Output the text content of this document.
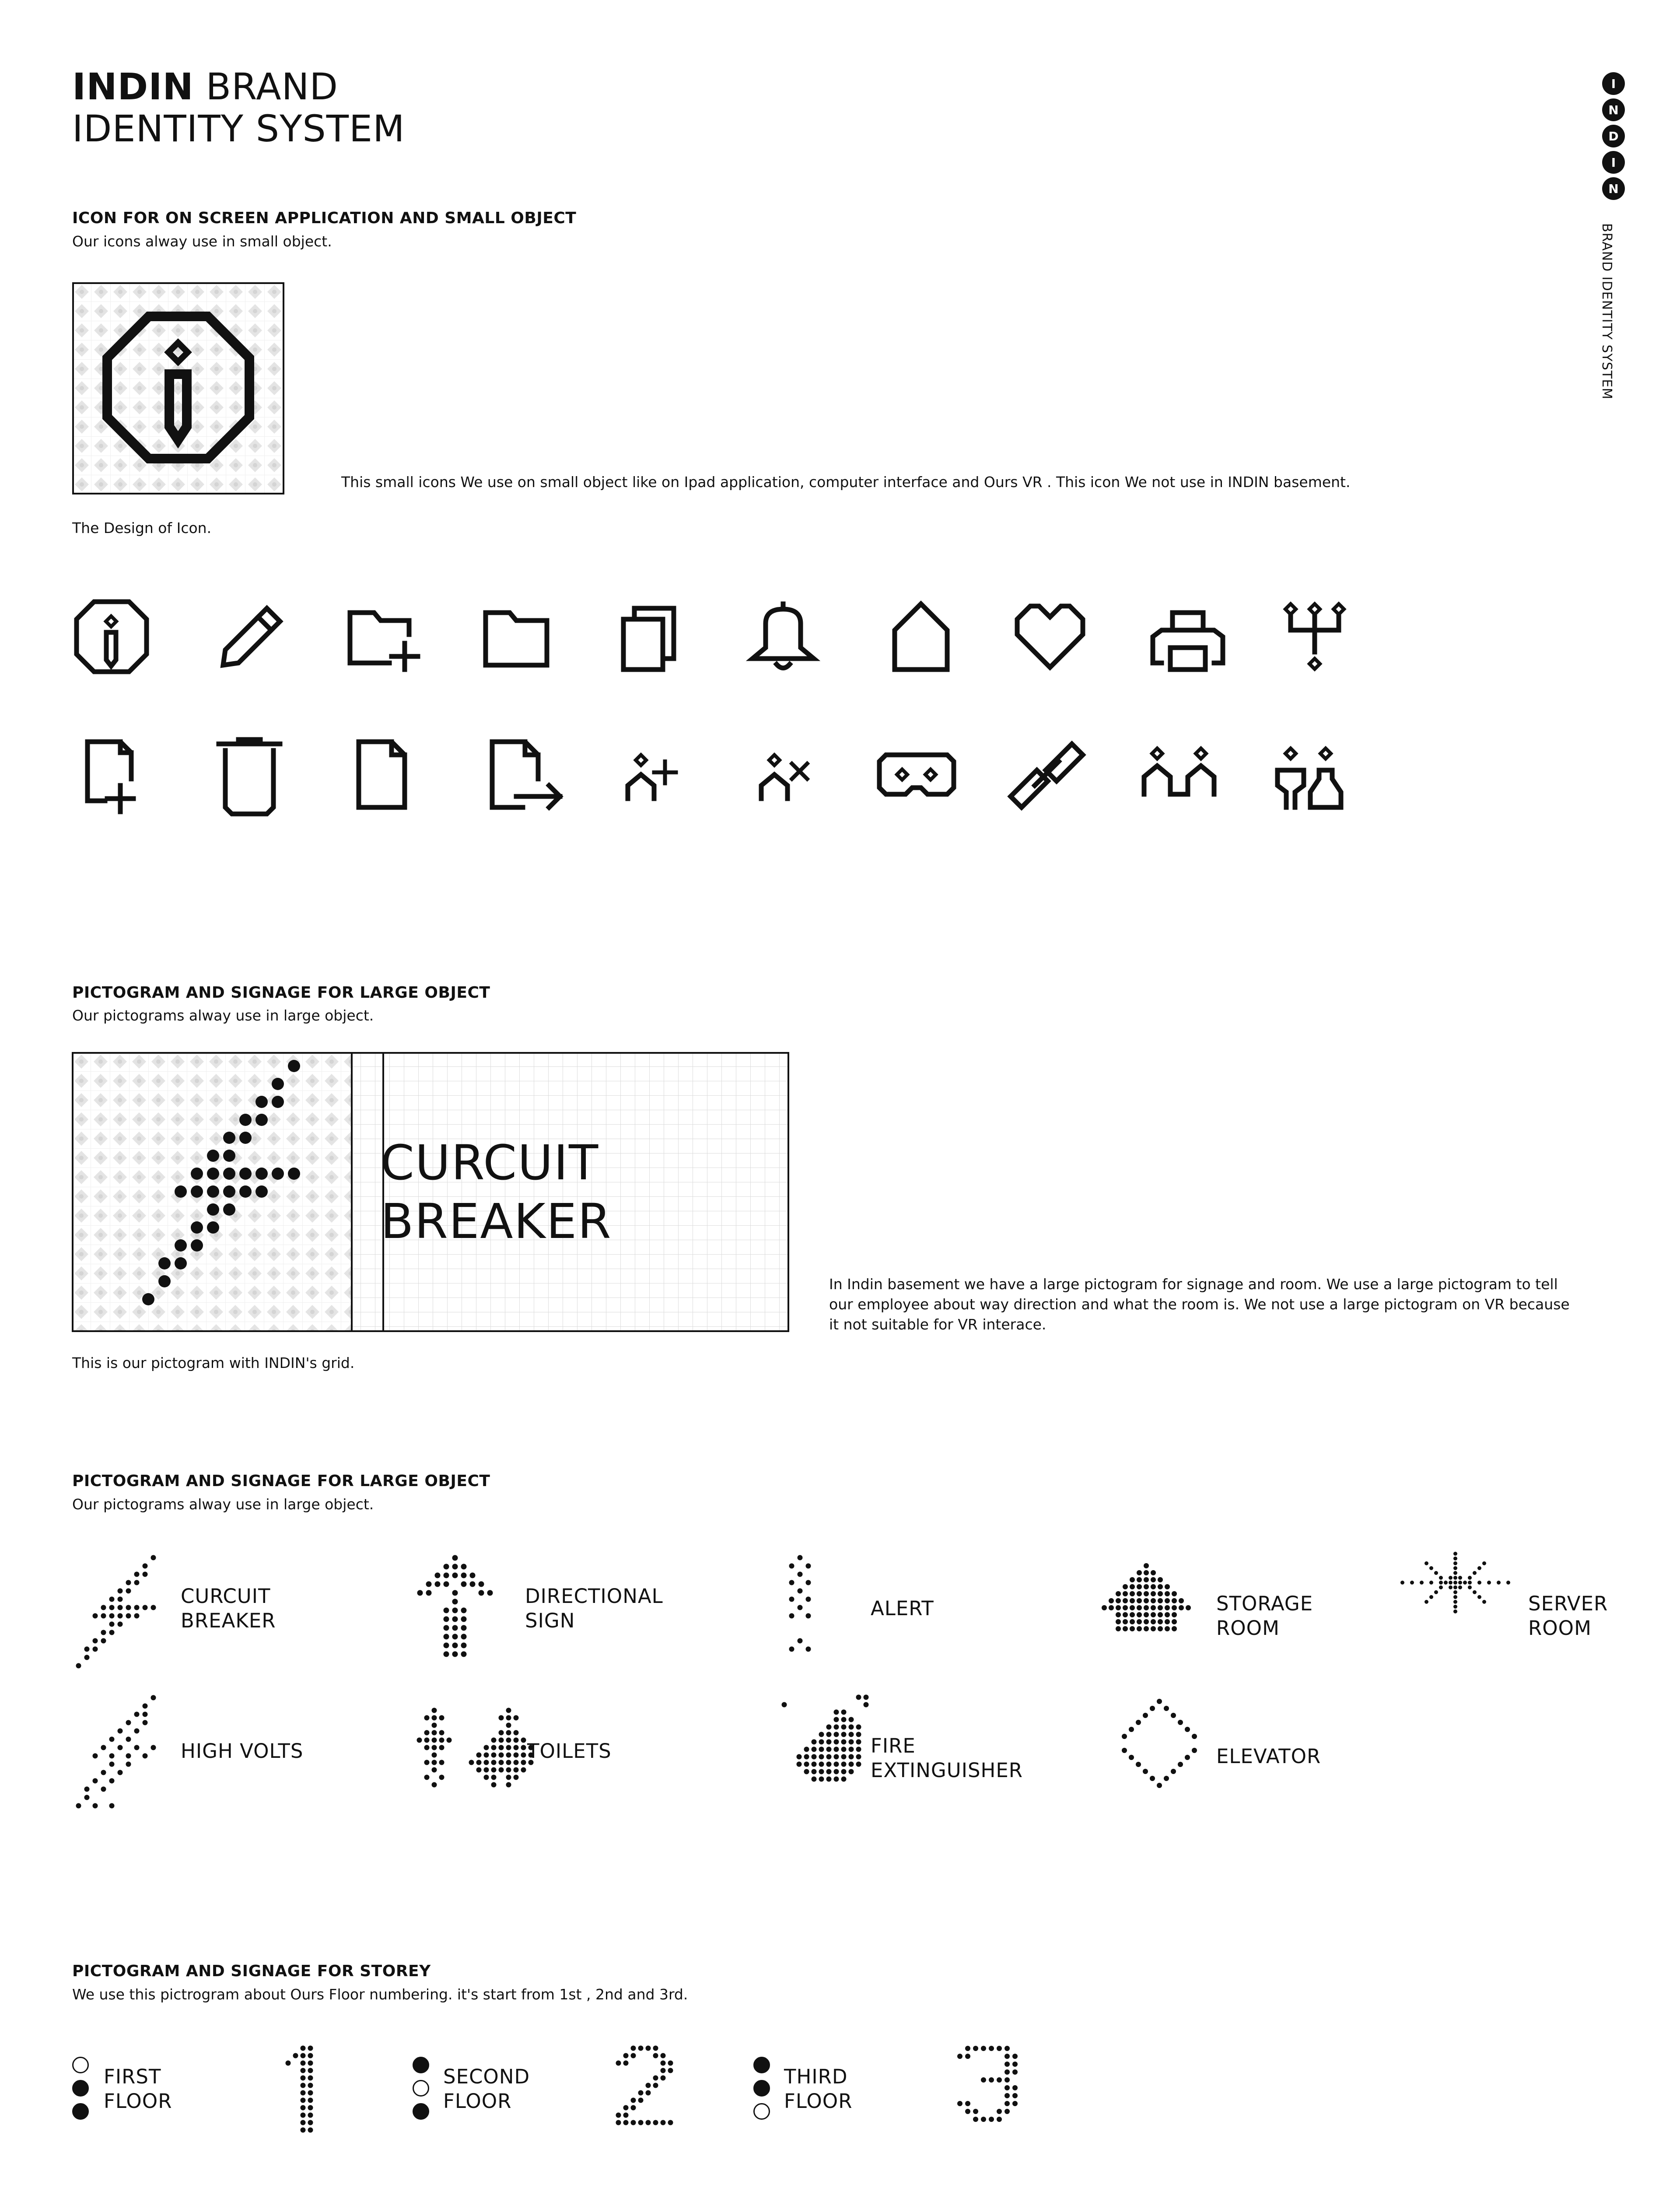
INDIN BRAND
IDENTITY SYSTEM
I
N
D
I
N
BRAND IDENTITY SYSTEM
ICON FOR ON SCREEN APPLICATION AND SMALL OBJECT
Our icons alway use in small object.
This small icons We use on small object like on Ipad application, computer interface and Ours VR . This icon We not use in INDIN basement.
The Design of Icon.
PICTOGRAM AND SIGNAGE FOR LARGE OBJECT
Our pictograms alway use in large object.
CURCUIT
BREAKER
This is our pictogram with INDIN's grid.
In Indin basement we have a large pictogram for signage and room. We use a large pictogram to tell our employee about way direction and what the room is. We not use a large pictogram on VR because it not suitable for VR interace.
PICTOGRAM AND SIGNAGE FOR LARGE OBJECT
Our pictograms alway use in large object.
CURCUIT
BREAKER
DIRECTIONAL
SIGN
ALERT	STORAGE
ROOM
SERVER
ROOM
HIGH VOLTS	TOILETS	FIRE
EXTINGUISHER
ELEVATOR
PICTOGRAM AND SIGNAGE FOR STOREY
We use this pictrogram about Ours Floor numbering. it's start from 1st , 2nd and 3rd.
FIRST
FLOOR
SECOND
FLOOR
THIRD
FLOOR
